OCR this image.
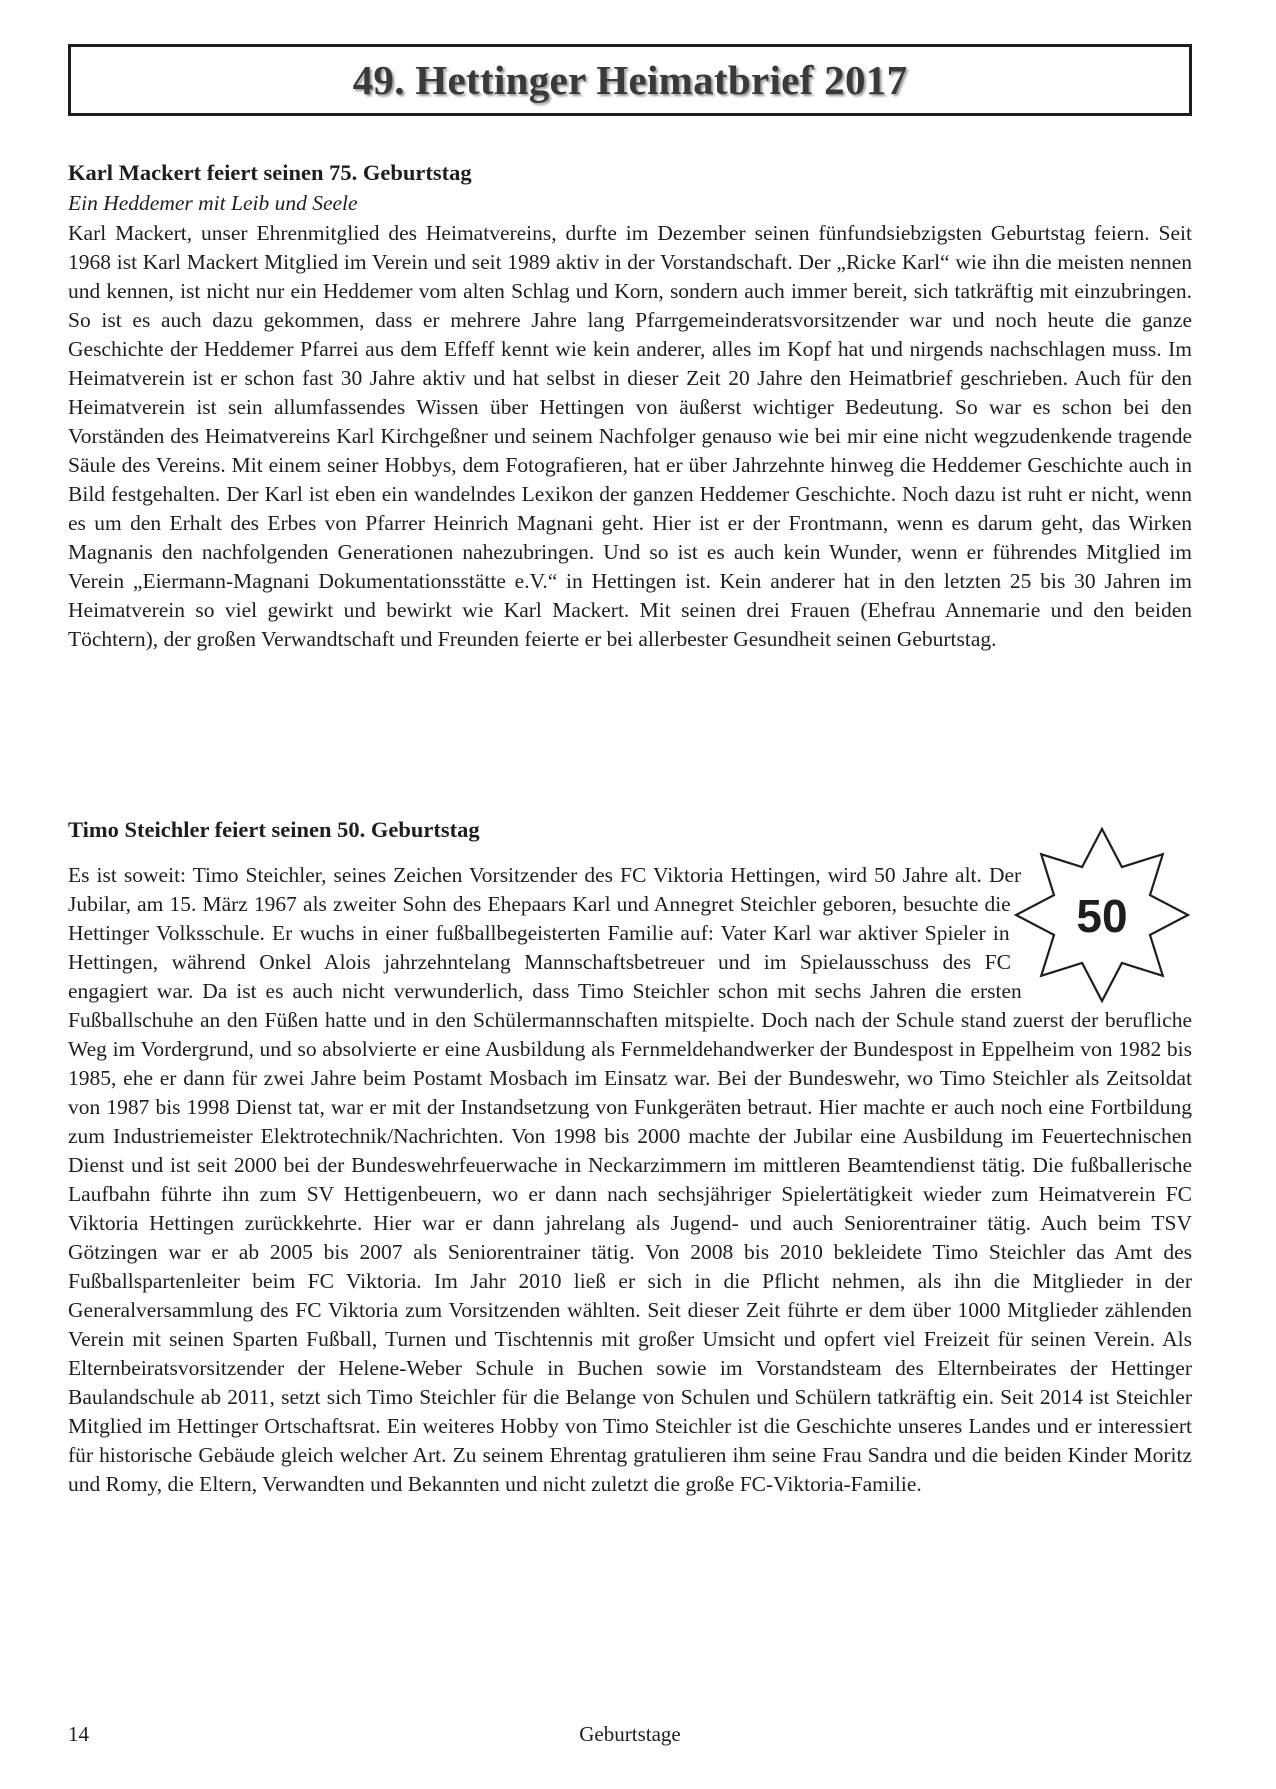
49. Hettinger Heimatbrief 2017
Karl Mackert feiert seinen 75. Geburtstag

Ein Heddemer mit Leib und Seele

Karl Mackert, unser Ehrenmitglied des Heimatvereins, durfte im Dezember seinen fünfundsiebzigsten Geburtstag feiern. Seit 1968 ist Karl Mackert Mitglied im Verein und seit 1989 aktiv in der Vorstandschaft. Der „Ricke Karl“ wie ihn die meisten nennen und kennen, ist nicht nur ein Heddemer vom alten Schlag und Korn, sondern auch immer bereit, sich tatkräftig mit einzubringen. So ist es auch dazu gekommen, dass er mehrere Jahre lang Pfarrgemeinderatsvorsitzender war und noch heute die ganze Geschichte der Heddemer Pfarrei aus dem Effeff kennt wie kein anderer, alles im Kopf hat und nirgends nachschlagen muss. Im Heimatverein ist er schon fast 30 Jahre aktiv und hat selbst in dieser Zeit 20 Jahre den Heimatbrief geschrieben. Auch für den Heimatverein ist sein allumfassendes Wissen über Hettingen von äußerst wichtiger Bedeutung. So war es schon bei den Vorständen des Heimatvereins Karl Kirchgeßner und seinem Nachfolger genauso wie bei mir eine nicht wegzudenkende tragende Säule des Vereins. Mit einem seiner Hobbys, dem Fotografieren, hat er über Jahrzehnte hinweg die Heddemer Geschichte auch in Bild festgehalten. Der Karl ist eben ein wandelndes Lexikon der ganzen Heddemer Geschichte. Noch dazu ist ruht er nicht, wenn es um den Erhalt des Erbes von Pfarrer Heinrich Magnani geht. Hier ist er der Frontmann, wenn es darum geht, das Wirken Magnanis den nachfolgenden Generationen nahezubringen. Und so ist es auch kein Wunder, wenn er führendes Mitglied im Verein „Eiermann-Magnani Dokumentationsstätte e.V.“ in Hettingen ist. Kein anderer hat in den letzten 25 bis 30 Jahren im Heimatverein so viel gewirkt und bewirkt wie Karl Mackert. Mit seinen drei Frauen (Ehefrau Annemarie und den beiden Töchtern), der großen Verwandtschaft und Freunden feierte er bei allerbester Gesundheit seinen Geburtstag.

Timo Steichler feiert seinen 50. Geburtstag
50

Es ist soweit: Timo Steichler, seines Zeichen Vorsitzender des FC Viktoria Hettingen, wird 50 Jahre alt. Der Jubilar, am 15. März 1967 als zweiter Sohn des Ehepaars Karl und Annegret Steichler geboren, besuchte die Hettinger Volksschule. Er wuchs in einer fußballbegeisterten Familie auf: Vater Karl war aktiver Spieler in Hettingen, während Onkel Alois jahrzehntelang Mannschaftsbetreuer und im Spielausschuss des FC engagiert war. Da ist es auch nicht verwunderlich, dass Timo Steichler schon mit sechs Jahren die ersten Fußballschuhe an den Füßen hatte und in den Schülermannschaften mitspielte. Doch nach der Schule stand zuerst der berufliche Weg im Vordergrund, und so absolvierte er eine Ausbildung als Fernmeldehandwerker der Bundespost in Eppelheim von 1982 bis 1985, ehe er dann für zwei Jahre beim Postamt Mosbach im Einsatz war. Bei der Bundeswehr, wo Timo Steichler als Zeitsoldat von 1987 bis 1998 Dienst tat, war er mit der Instandsetzung von Funkgeräten betraut. Hier machte er auch noch eine Fortbildung zum Industriemeister Elektrotechnik/Nachrichten. Von 1998 bis 2000 machte der Jubilar eine Ausbildung im Feuertechnischen Dienst und ist seit 2000 bei der Bundeswehrfeuerwache in Neckarzimmern im mittleren Beamtendienst tätig. Die fußballerische Laufbahn führte ihn zum SV Hettigenbeuern, wo er dann nach sechsjähriger Spielertätigkeit wieder zum Heimatverein FC Viktoria Hettingen zurückkehrte. Hier war er dann jahrelang als Jugend- und auch Seniorentrainer tätig. Auch beim TSV Götzingen war er ab 2005 bis 2007 als Seniorentrainer tätig. Von 2008 bis 2010 bekleidete Timo Steichler das Amt des Fußballspartenleiter beim FC Viktoria. Im Jahr 2010 ließ er sich in die Pflicht nehmen, als ihn die Mitglieder in der Generalversammlung des FC Viktoria zum Vorsitzenden wählten. Seit dieser Zeit führte er dem über 1000 Mitglieder zählenden Verein mit seinen Sparten Fußball, Turnen und Tischtennis mit großer Umsicht und opfert viel Freizeit für seinen Verein. Als Elternbeiratsvorsitzender der Helene-Weber Schule in Buchen sowie im Vorstandsteam des Elternbeirates der Hettinger Baulandschule ab 2011, setzt sich Timo Steichler für die Belange von Schulen und Schülern tatkräftig ein. Seit 2014 ist Steichler Mitglied im Hettinger Ortschaftsrat. Ein weiteres Hobby von Timo Steichler ist die Geschichte unseres Landes und er interessiert für historische Gebäude gleich welcher Art. Zu seinem Ehrentag gratulieren ihm seine Frau Sandra und die beiden Kinder Moritz und Romy, die Eltern, Verwandten und Bekannten und nicht zuletzt die große FC-Viktoria-Familie.

14	Geburtstage
